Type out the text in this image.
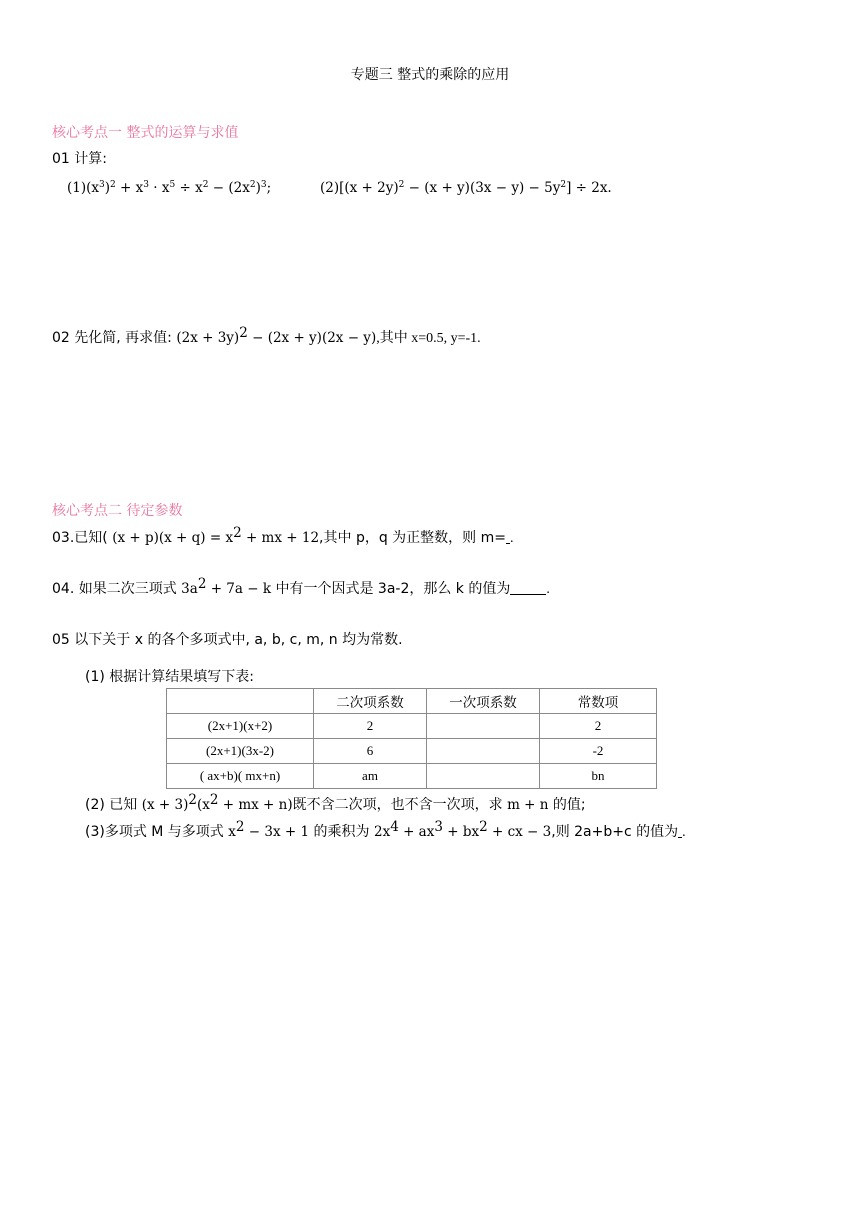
专题三 整式的乘除的应用
核心考点一 整式的运算与求值
01 计算:
$(1)(x^3)^2 + x^3 \cdot x^5 \div x^2 - (2x^2)^3$;	$(2)[(x + 2y)^2 - (x + y)(3x - y) - 5y^2] \div 2x$.
02 先化简, 再求值: $(2x + 3y)^2 - (2x + y)(2x - y)$,其中 x=0.5, y=-1.
核心考点二 待定参数
03.已知( $(x + p)(x + q) = x^2$ + mx + 12,其中 p，q 为正整数，则 m= .
04. 如果二次三项式 $3a^2 + 7a - k$ 中有一个因式是 3a-2，那么 k 的值为	.
05 以下关于 x 的各个多项式中, a, b, c, m, n 均为常数.
(1) 根据计算结果填写下表:
	二次项系数	一次项系数	常数项
(2x+1)(x+2)	2		2
(2x+1)(3x-2)	6		-2
( ax+b)( mx+n)	am		bn
(2) 已知 $(x + 3)^2(x^2$ + mx + n)既不含二次项，也不含一次项，求 m + n 的值;
(3)多项式 M 与多项式 $x^2 - 3x + 1$ 的乘积为 $2x^4 + ax^3 + bx^2$ + cx − 3,则 2a+b+c 的值为 .
